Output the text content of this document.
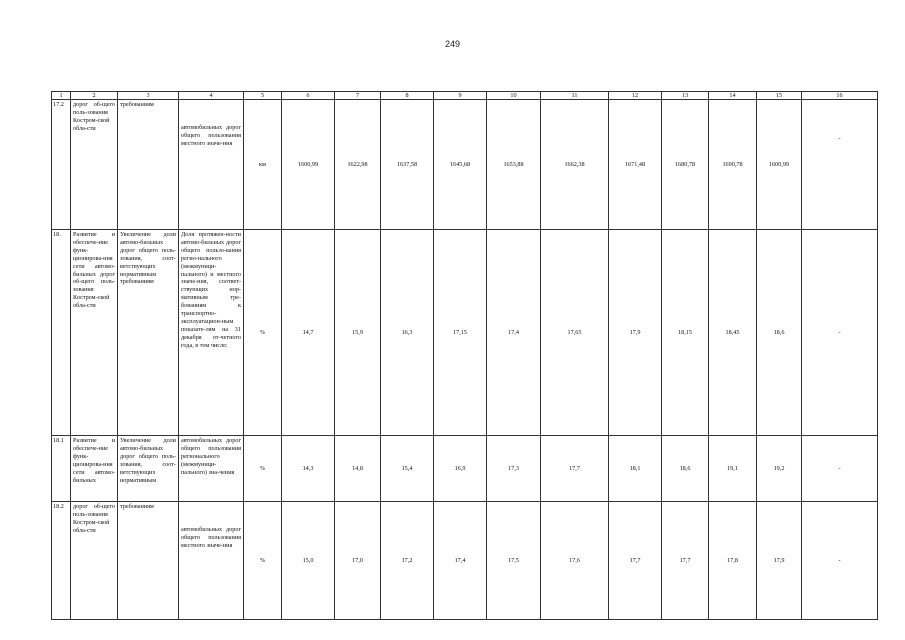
249
1	2	3	4	5	6	7	8	9	10	11	12	13	14	15	16
17.2	дорог об-щего поль-зования Костром-ской обла-сти	требованиям	автомобильных дорог общего пользования местного значе-ния	км	1600,99	1622,98	1637,58	1645,68	1653,88	1662,38	1671,48	1680,78	1690,78	1600,99	-
18.	Развитие и обеспече-ние функ-ционирова-ния сети автомо-бильных дорог об-щего поль-зования Костром-ской обла-сти	Увеличение доли автомо-бильных дорог общего поль-зования, соот-ветствующих нормативным требованиям	Доля протяжен-ности автомо-бильных дорог общего пользо-вания регио-нального (межмуници-пального) и местного значе-ния, соответ-ствующих нор-мативным тре-бованиям к транспортно-эксплуатацион-ным показате-лям на 31 декабря от-четного года, в том числе:	%	14,7	15,9	16,3	17,15	17,4	17,65	17,9	18,15	18,45	18,6	-
18.1	Развитие и обеспече-ние функ-ционирова-ния сети автомо-бильных	Увеличение доли автомо-бильных дорог общего поль-зования, соот-ветствующих нормативным	автомобильных дорог общего пользования регионального (межмуници-пального) зна-чения	%	14,3	14,8	15,4	16,9	17,3	17,7	18,1	18,6	19,1	19,2	-
18.2	дорог об-щего поль-зования Костром-ской обла-сти	требованиям	автомобильных дорог общего пользования местного значе-ния	%	15,0	17,0	17,2	17,4	17,5	17,6	17,7	17,7	17,8	17,9	-
